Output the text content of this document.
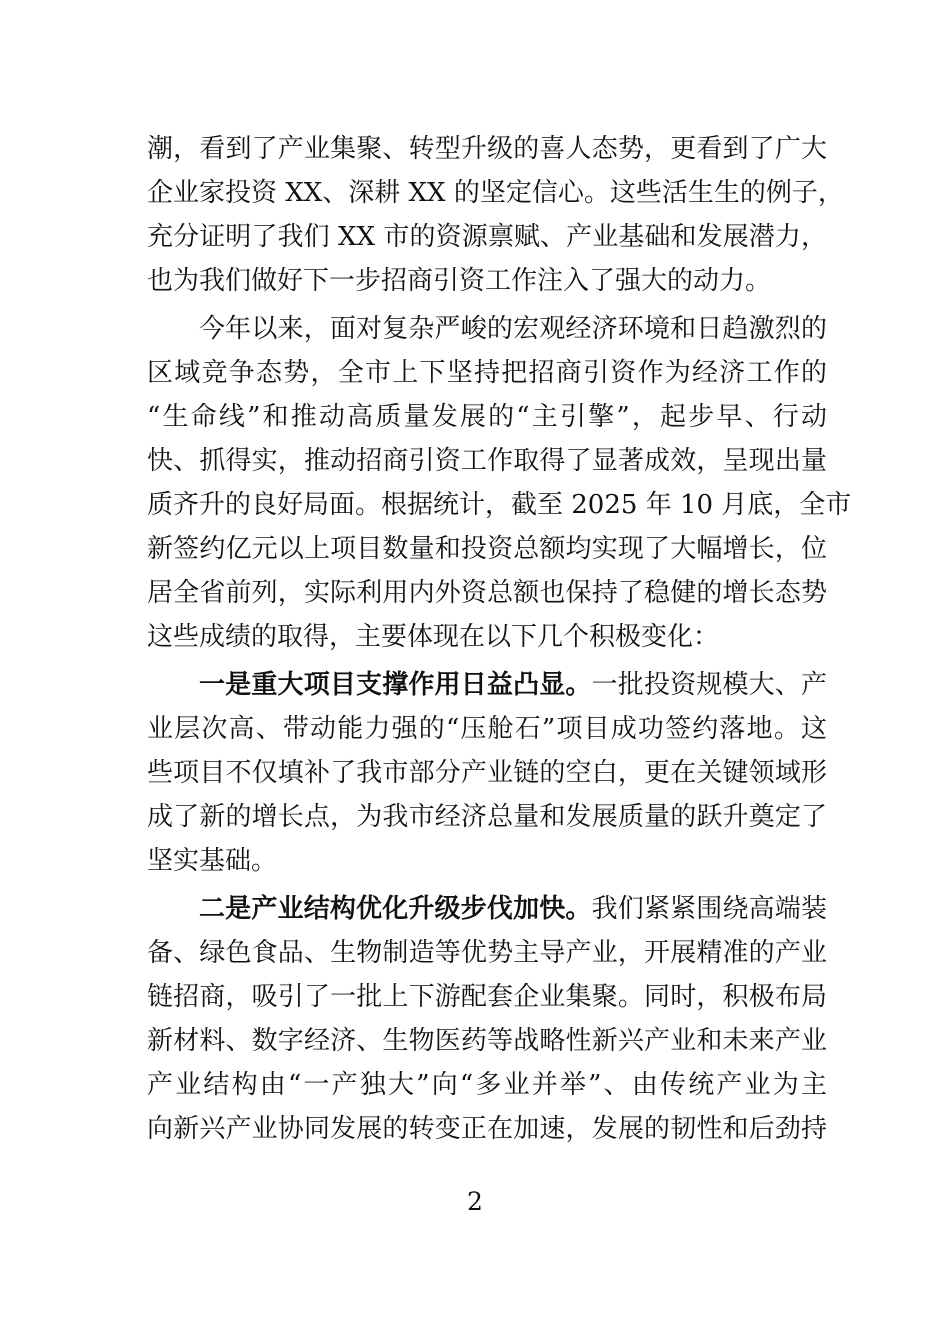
潮，看到了产业集聚、转型升级的喜人态势，更看到了广大
企业家投资 XX、深耕 XX 的坚定信心。这些活生生的例子，
充分证明了我们 XX 市的资源禀赋、产业基础和发展潜力，
也为我们做好下一步招商引资工作注入了强大的动力。
今年以来，面对复杂严峻的宏观经济环境和日趋激烈的
区域竞争态势，全市上下坚持把招商引资作为经济工作的
“生命线”和推动高质量发展的“主引擎”，起步早、行动
快、抓得实，推动招商引资工作取得了显著成效，呈现出量
质齐升的良好局面。根据统计，截至 2025 年 10 月底，全市
新签约亿元以上项目数量和投资总额均实现了大幅增长，位
居全省前列，实际利用内外资总额也保持了稳健的增长态势
这些成绩的取得，主要体现在以下几个积极变化：
一是重大项目支撑作用日益凸显。一批投资规模大、产
业层次高、带动能力强的“压舱石”项目成功签约落地。这
些项目不仅填补了我市部分产业链的空白，更在关键领域形
成了新的增长点，为我市经济总量和发展质量的跃升奠定了
坚实基础。
二是产业结构优化升级步伐加快。我们紧紧围绕高端装
备、绿色食品、生物制造等优势主导产业，开展精准的产业
链招商，吸引了一批上下游配套企业集聚。同时，积极布局
新材料、数字经济、生物医药等战略性新兴产业和未来产业
产业结构由“一产独大”向“多业并举”、由传统产业为主
向新兴产业协同发展的转变正在加速，发展的韧性和后劲持
2
